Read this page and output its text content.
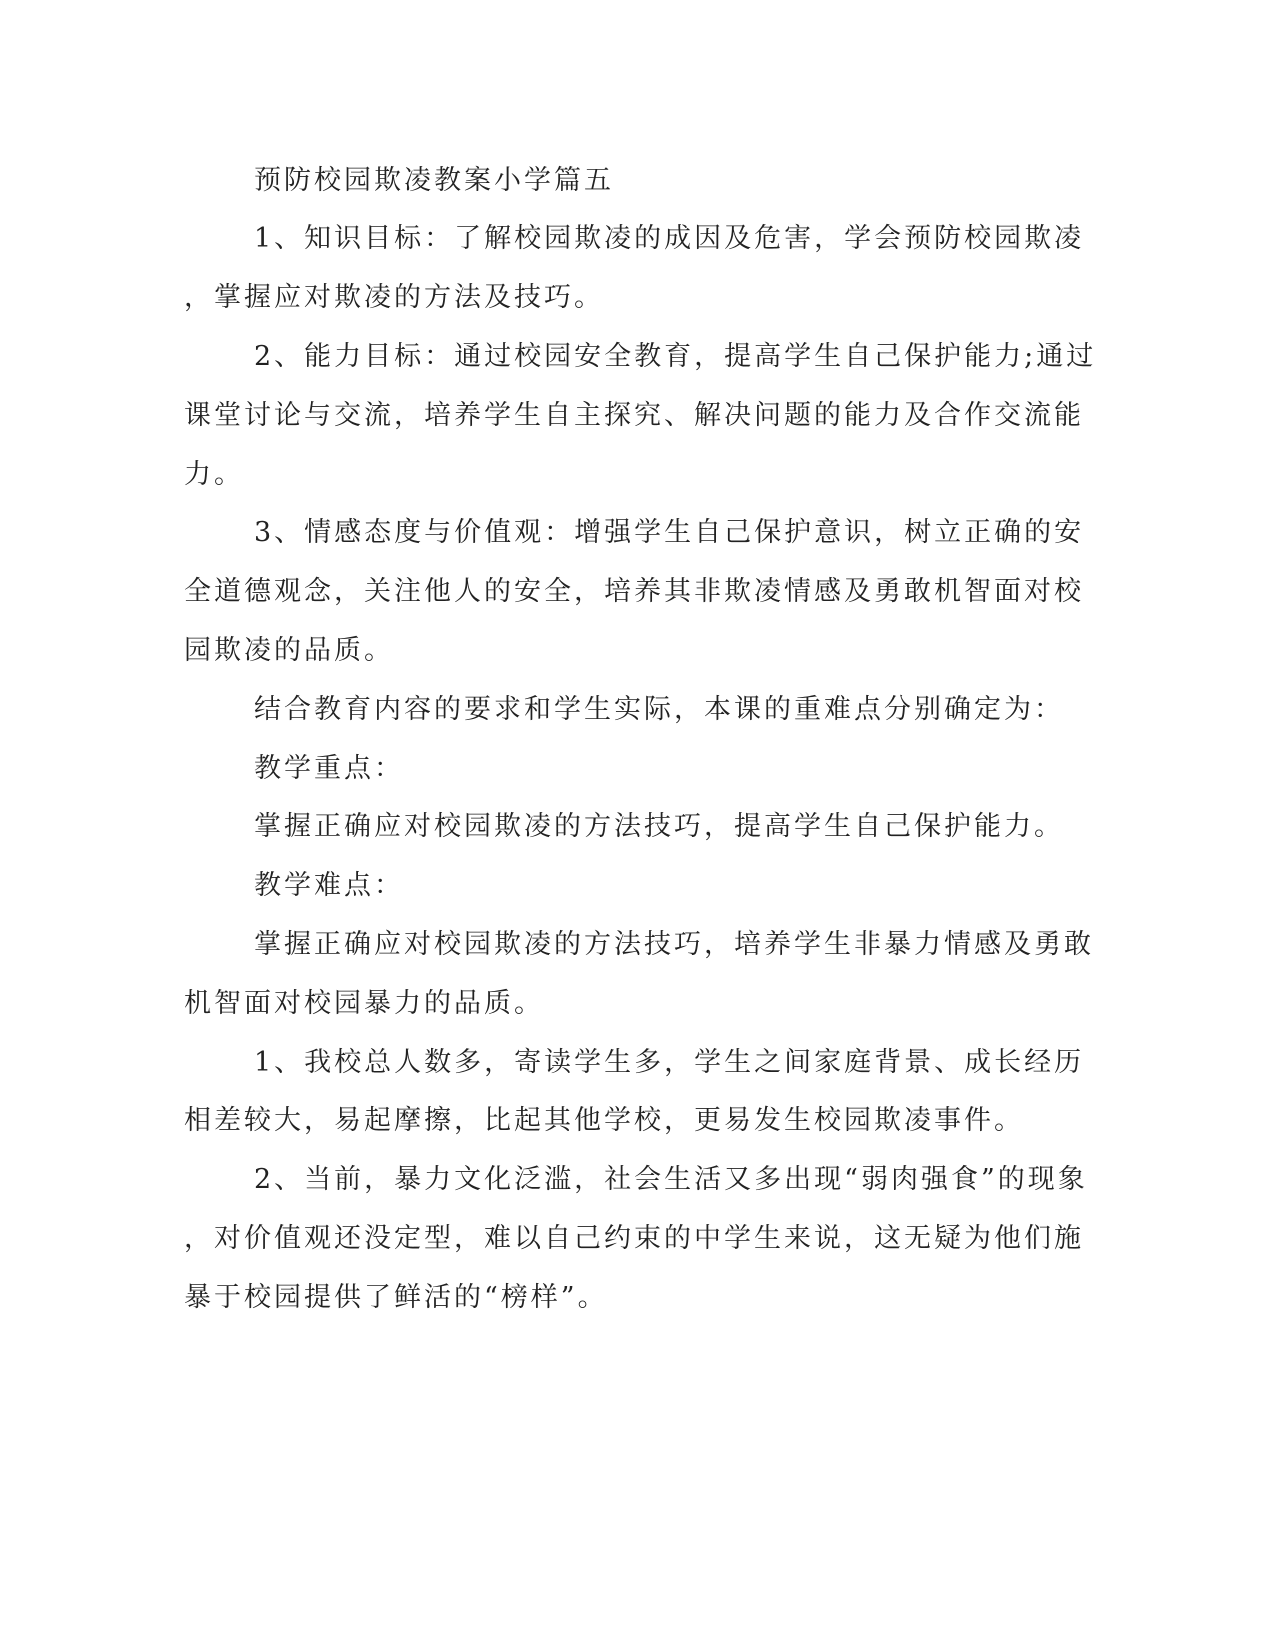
预防校园欺凌教案小学篇五
1、知识目标：了解校园欺凌的成因及危害，学会预防校园欺凌
，掌握应对欺凌的方法及技巧。
2、能力目标：通过校园安全教育，提高学生自己保护能力;通过
课堂讨论与交流，培养学生自主探究、解决问题的能力及合作交流能
力。
3、情感态度与价值观：增强学生自己保护意识，树立正确的安
全道德观念，关注他人的安全，培养其非欺凌情感及勇敢机智面对校
园欺凌的品质。
结合教育内容的要求和学生实际，本课的重难点分别确定为：
教学重点：
掌握正确应对校园欺凌的方法技巧，提高学生自己保护能力。
教学难点：
掌握正确应对校园欺凌的方法技巧，培养学生非暴力情感及勇敢
机智面对校园暴力的品质。
1、我校总人数多，寄读学生多，学生之间家庭背景、成长经历
相差较大，易起摩擦，比起其他学校，更易发生校园欺凌事件。
2、当前，暴力文化泛滥，社会生活又多出现“弱肉强食”的现象
，对价值观还没定型，难以自己约束的中学生来说，这无疑为他们施
暴于校园提供了鲜活的“榜样”。
